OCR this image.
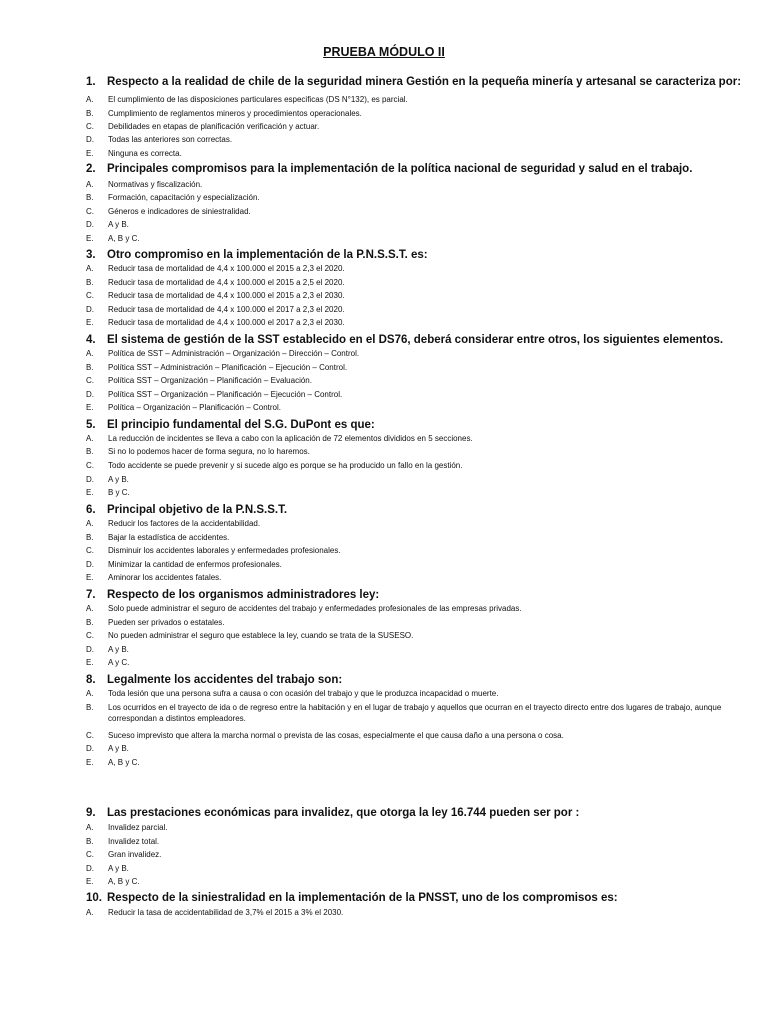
PRUEBA MÓDULO II
1. Respecto a la realidad de chile de la seguridad minera Gestión en la pequeña minería y artesanal se caracteriza por:
A. El cumplimiento de las disposiciones particulares especificas (DS N°132), es parcial.
B. Cumplimiento de reglamentos mineros y procedimientos operacionales.
C. Debilidades en etapas de planificación verificación y actuar.
D. Todas las anteriores son correctas.
E. Ninguna es correcta.
2. Principales compromisos para la implementación de la política nacional de seguridad y salud en el trabajo.
A. Normativas y fiscalización.
B. Formación, capacitación y especialización.
C. Géneros e indicadores de siniestralidad.
D. A y B.
E. A, B y C.
3. Otro compromiso en la implementación de la P.N.S.S.T. es:
A. Reducir tasa de mortalidad de 4,4 x 100.000 el 2015 a 2,3 el 2020.
B. Reducir tasa de mortalidad de 4,4 x 100.000 el 2015 a 2,5 el 2020.
C. Reducir tasa de mortalidad de 4,4 x 100.000 el 2015 a 2,3 el 2030.
D. Reducir tasa de mortalidad de 4,4 x 100.000 el 2017 a 2,3 el 2020.
E. Reducir tasa de mortalidad de 4,4 x 100.000 el 2017 a 2,3 el 2030.
4. El sistema de gestión de la SST establecido en el DS76, deberá considerar entre otros, los siguientes elementos.
A. Política de SST – Administración – Organización – Dirección – Control.
B. Política SST – Administración – Planificación – Ejecución – Control.
C. Política SST – Organización – Planificación – Evaluación.
D. Política SST – Organización – Planificación – Ejecución – Control.
E. Política – Organización – Planificación – Control.
5. El principio fundamental del S.G. DuPont es que:
A. La reducción de incidentes se lleva a cabo con la aplicación de 72 elementos divididos en 5 secciones.
B. Si no lo podemos hacer de forma segura, no lo haremos.
C. Todo accidente se puede prevenir y si sucede algo es porque se ha producido un fallo en la gestión.
D. A y B.
E. B y C.
6. Principal objetivo de la P.N.S.S.T.
A. Reducir los factores de la accidentabilidad.
B. Bajar la estadística de accidentes.
C. Disminuir los accidentes laborales y enfermedades profesionales.
D. Minimizar la cantidad de enfermos profesionales.
E. Aminorar los accidentes fatales.
7. Respecto de los organismos administradores ley:
A. Solo puede administrar el seguro de accidentes del trabajo y enfermedades profesionales de las empresas privadas.
B. Pueden ser privados o estatales.
C. No pueden administrar el seguro que establece la ley, cuando se trata de la SUSESO.
D. A y B.
E. A y C.
8. Legalmente los accidentes del trabajo son:
A. Toda lesión que una persona sufra a causa o con ocasión del trabajo y que le produzca incapacidad o muerte.
B. Los ocurridos en el trayecto de ida o de regreso entre la habitación y en el lugar de trabajo y aquellos que ocurran en el trayecto directo entre dos lugares de trabajo, aunque correspondan a distintos empleadores.
C. Suceso imprevisto que altera la marcha normal o prevista de las cosas, especialmente el que causa daño a una persona o cosa.
D. A y B.
E. A, B y C.
9. Las prestaciones económicas para invalidez, que otorga la ley 16.744 pueden ser por :
A. Invalidez parcial.
B. Invalidez total.
C. Gran invalidez.
D. A y B.
E. A, B y C.
10. Respecto de la siniestralidad en la implementación de la PNSST, uno de los compromisos es:
A. Reducir la tasa de accidentabilidad de 3,7% el 2015 a 3% el 2030.
